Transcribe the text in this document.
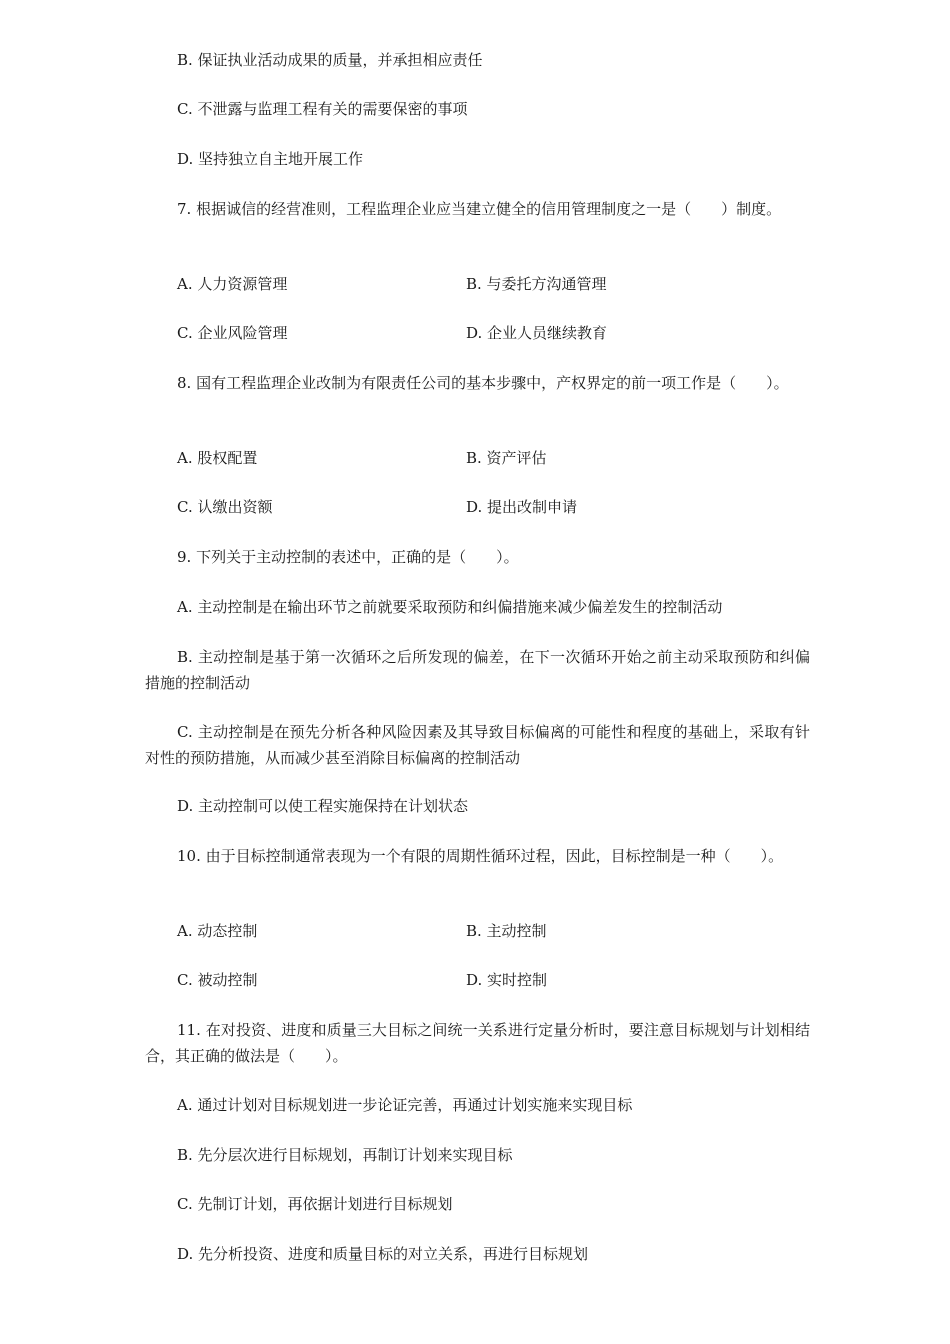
B. 保证执业活动成果的质量，并承担相应责任
C. 不泄露与监理工程有关的需要保密的事项
D. 坚持独立自主地开展工作
7. 根据诚信的经营准则，工程监理企业应当建立健全的信用管理制度之一是（　　）制度。
A. 人力资源管理	B. 与委托方沟通管理
C. 企业风险管理	D. 企业人员继续教育
8. 国有工程监理企业改制为有限责任公司的基本步骤中，产权界定的前一项工作是（　　）。
A. 股权配置	B. 资产评估
C. 认缴出资额	D. 提出改制申请
9. 下列关于主动控制的表述中，正确的是（　　）。
A. 主动控制是在输出环节之前就要采取预防和纠偏措施来减少偏差发生的控制活动
B. 主动控制是基于第一次循环之后所发现的偏差，在下一次循环开始之前主动采取预防和纠偏措施的控制活动
C. 主动控制是在预先分析各种风险因素及其导致目标偏离的可能性和程度的基础上，采取有针对性的预防措施，从而减少甚至消除目标偏离的控制活动
D. 主动控制可以使工程实施保持在计划状态
10. 由于目标控制通常表现为一个有限的周期性循环过程，因此，目标控制是一种（　　）。
A. 动态控制	B. 主动控制
C. 被动控制	D. 实时控制
11. 在对投资、进度和质量三大目标之间统一关系进行定量分析时，要注意目标规划与计划相结合，其正确的做法是（　　）。
A. 通过计划对目标规划进一步论证完善，再通过计划实施来实现目标
B. 先分层次进行目标规划，再制订计划来实现目标
C. 先制订计划，再依据计划进行目标规划
D. 先分析投资、进度和质量目标的对立关系，再进行目标规划
